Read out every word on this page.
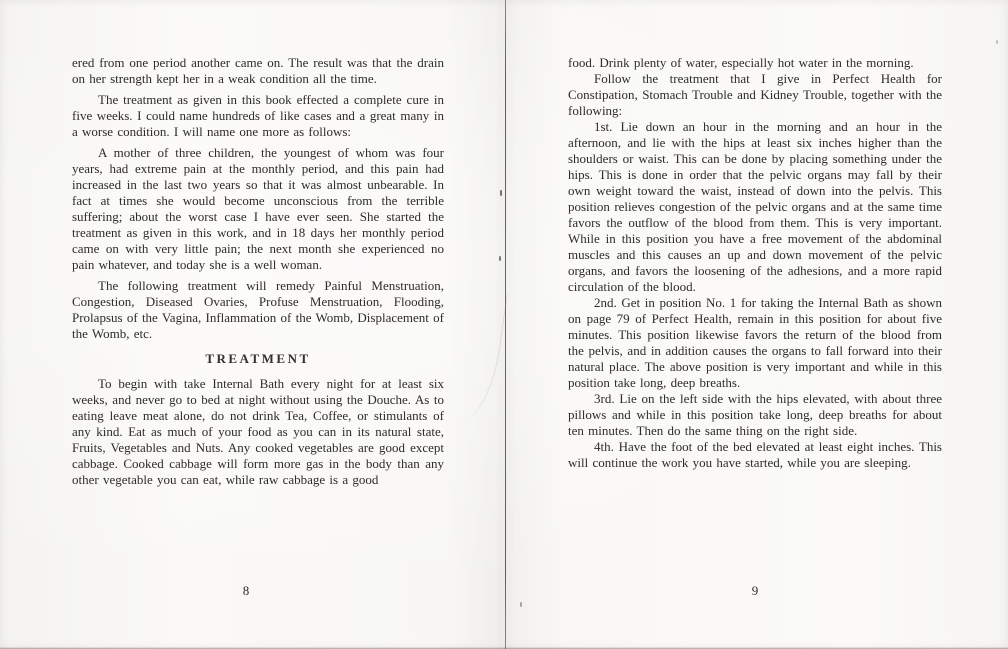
ered from one period another came on. The result was that the drain on her strength kept her in a weak condition all the time.

The treatment as given in this book effected a complete cure in five weeks. I could name hundreds of like cases and a great many in a worse condition. I will name one more as follows:

A mother of three children, the youngest of whom was four years, had extreme pain at the monthly period, and this pain had increased in the last two years so that it was almost unbearable. In fact at times she would become unconscious from the terrible suffering; about the worst case I have ever seen. She started the treatment as given in this work, and in 18 days her monthly period came on with very little pain; the next month she experienced no pain whatever, and today she is a well woman.

The following treatment will remedy Painful Menstruation, Congestion, Diseased Ovaries, Profuse Menstruation, Flooding, Prolapsus of the Vagina, Inflammation of the Womb, Displacement of the Womb, etc.

TREATMENT

To begin with take Internal Bath every night for at least six weeks, and never go to bed at night without using the Douche. As to eating leave meat alone, do not drink Tea, Coffee, or stimulants of any kind. Eat as much of your food as you can in its natural state, Fruits, Vegetables and Nuts. Any cooked vegetables are good except cabbage. Cooked cabbage will form more gas in the body than any other vegetable you can eat, while raw cabbage is a good

food. Drink plenty of water, especially hot water in the morning.

Follow the treatment that I give in Perfect Health for Constipation, Stomach Trouble and Kidney Trouble, together with the following:

1st. Lie down an hour in the morning and an hour in the afternoon, and lie with the hips at least six inches higher than the shoulders or waist. This can be done by placing something under the hips. This is done in order that the pelvic organs may fall by their own weight toward the waist, instead of down into the pelvis. This position relieves congestion of the pelvic organs and at the same time favors the outflow of the blood from them. This is very important. While in this position you have a free movement of the abdominal muscles and this causes an up and down movement of the pelvic organs, and favors the loosening of the adhesions, and a more rapid circulation of the blood.

2nd. Get in position No. 1 for taking the Internal Bath as shown on page 79 of Perfect Health, remain in this position for about five minutes. This position likewise favors the return of the blood from the pelvis, and in addition causes the organs to fall forward into their natural place. The above position is very important and while in this position take long, deep breaths.

3rd. Lie on the left side with the hips elevated, with about three pillows and while in this position take long, deep breaths for about ten minutes. Then do the same thing on the right side.

4th. Have the foot of the bed elevated at least eight inches. This will continue the work you have started, while you are sleeping.

8	9
